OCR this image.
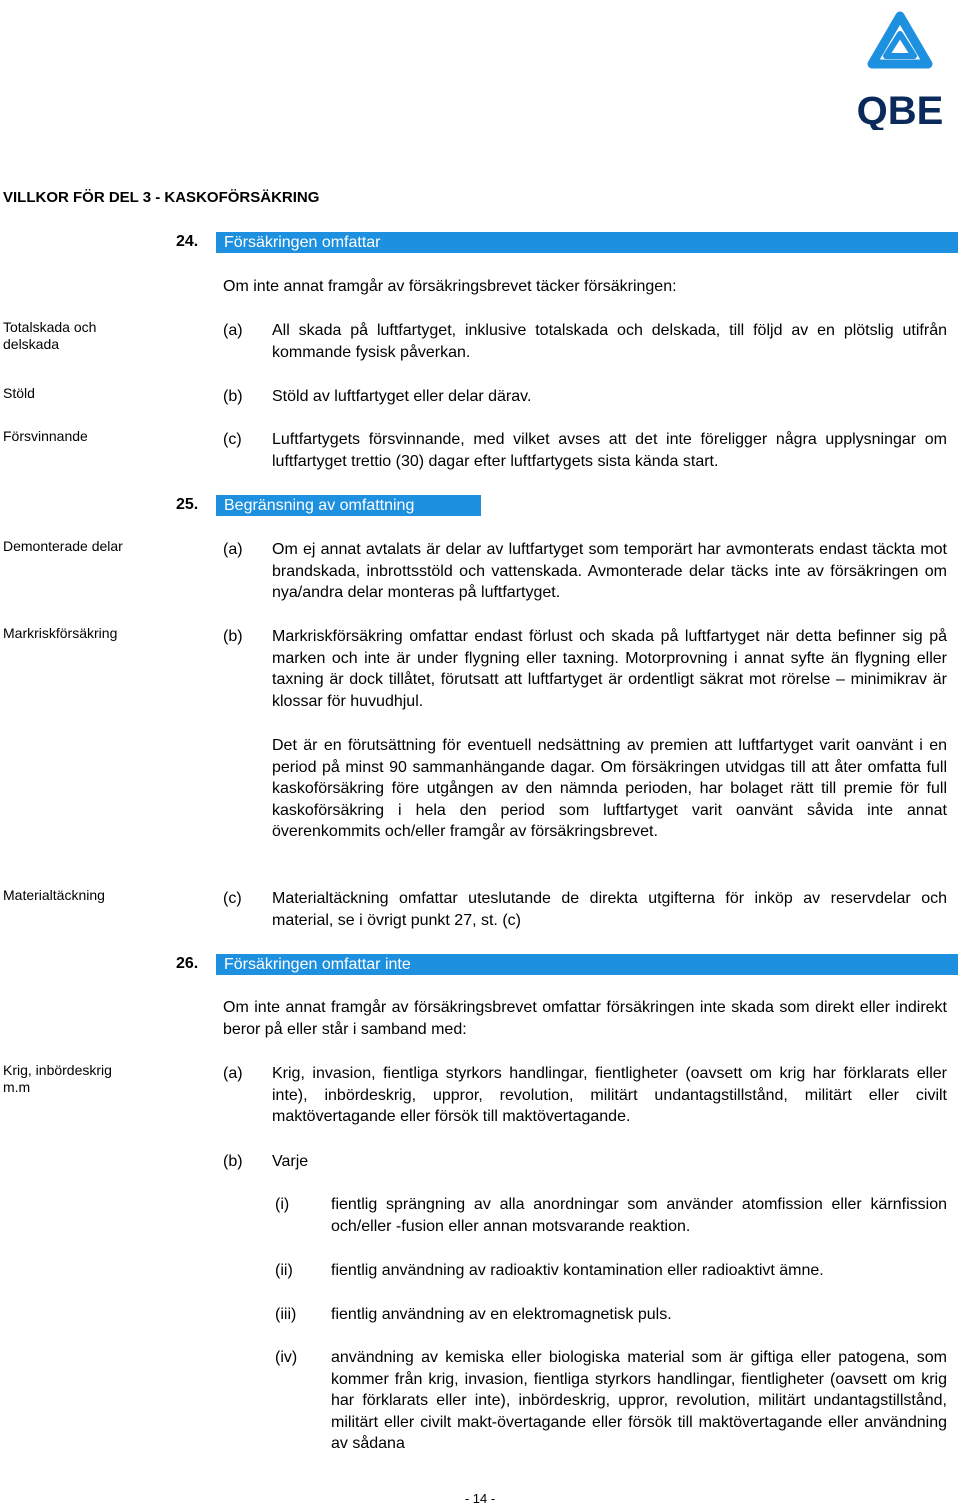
QBE
VILLKOR FÖR DEL 3 - KASKOFÖRSÄKRING
24.	Försäkringen omfattar
Om inte annat framgår av försäkringsbrevet täcker försäkringen:
Totalskada och delskada
(a) All skada på luftfartyget, inklusive totalskada och delskada, till följd av en plötslig utifrån kommande fysisk påverkan.
Stöld	(b) Stöld av luftfartyget eller delar därav.
Försvinnande	(c) Luftfartygets försvinnande, med vilket avses att det inte föreligger några upplysningar om luftfartyget trettio (30) dagar efter luftfartygets sista kända start.
25.	Begränsning av omfattning
Demonterade delar	(a) Om ej annat avtalats är delar av luftfartyget som temporärt har avmonterats endast täckta mot brandskada, inbrottsstöld och vattenskada. Avmonterade delar täcks inte av försäkringen om nya/andra delar monteras på luftfartyget.
Markriskförsäkring	(b) Markriskförsäkring omfattar endast förlust och skada på luftfartyget när detta befinner sig på marken och inte är under flygning eller taxning. Motorprovning i annat syfte än flygning eller taxning är dock tillåtet, förutsatt att luftfartyget är ordentligt säkrat mot rörelse – minimikrav är klossar för huvudhjul.
Det är en förutsättning för eventuell nedsättning av premien att luftfartyget varit oanvänt i en period på minst 90 sammanhängande dagar. Om försäkringen utvidgas till att åter omfatta full kaskoförsäkring före utgången av den nämnda perioden, har bolaget rätt till premie för full kaskoförsäkring i hela den period som luftfartyget varit oanvänt såvida inte annat överenkommits och/eller framgår av försäkringsbrevet.
Materialtäckning	(c) Materialtäckning omfattar uteslutande de direkta utgifterna för inköp av reservdelar och material, se i övrigt punkt 27, st. (c)
26.	Försäkringen omfattar inte
Om inte annat framgår av försäkringsbrevet omfattar försäkringen inte skada som direkt eller indirekt beror på eller står i samband med:
Krig, inbördeskrig m.m
(a) Krig, invasion, fientliga styrkors handlingar, fientligheter (oavsett om krig har förklarats eller inte), inbördeskrig, uppror, revolution, militärt undantagstillstånd, militärt eller civilt maktövertagande eller försök till maktövertagande.
(b) Varje
(i)	fientlig sprängning av alla anordningar som använder atomfission eller kärnfission och/eller -fusion eller annan motsvarande reaktion.
(ii) fientlig användning av radioaktiv kontamination eller radioaktivt ämne.
(iii) fientlig användning av en elektromagnetisk puls.
(iv) användning av kemiska eller biologiska material som är giftiga eller patogena, som kommer från krig, invasion, fientliga styrkors handlingar, fientligheter (oavsett om krig har förklarats eller inte), inbördeskrig, uppror, revolution, militärt undantagstillstånd, militärt eller civilt makt-övertagande eller försök till maktövertagande eller användning av sådana
- 14 -
